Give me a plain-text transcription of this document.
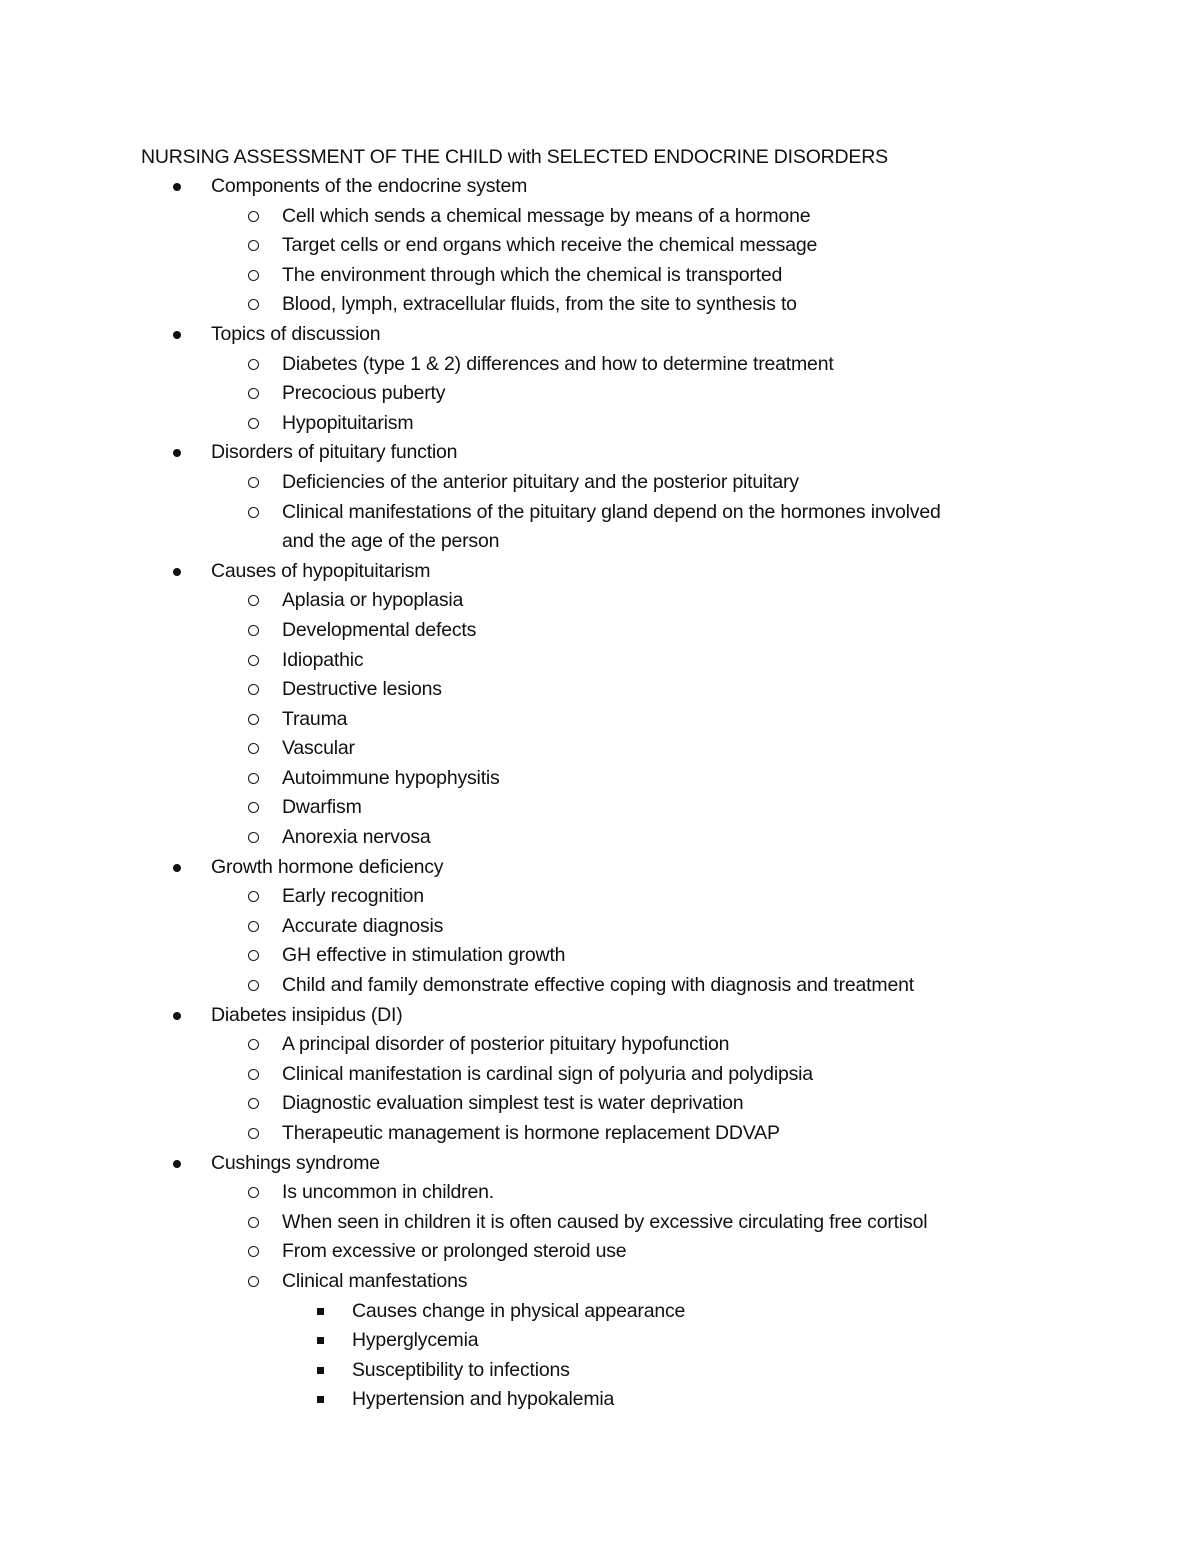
NURSING ASSESSMENT OF THE CHILD with SELECTED ENDOCRINE DISORDERS
Components of the endocrine system
Cell which sends a chemical message by means of a hormone
Target cells or end organs which receive the chemical message
The environment through which the chemical is transported
Blood, lymph, extracellular fluids, from the site to synthesis to
Topics of discussion
Diabetes (type 1 & 2) differences and how to determine treatment
Precocious puberty
Hypopituitarism
Disorders of pituitary function
Deficiencies of the anterior pituitary and the posterior pituitary
Clinical manifestations of the pituitary gland depend on the hormones involved
and the age of the person
Causes of hypopituitarism
Aplasia or hypoplasia
Developmental defects
Idiopathic
Destructive lesions
Trauma
Vascular
Autoimmune hypophysitis
Dwarfism
Anorexia nervosa
Growth hormone deficiency
Early recognition
Accurate diagnosis
GH effective in stimulation growth
Child and family demonstrate effective coping with diagnosis and treatment
Diabetes insipidus (DI)
A principal disorder of posterior pituitary hypofunction
Clinical manifestation is cardinal sign of polyuria and polydipsia
Diagnostic evaluation simplest test is water deprivation
Therapeutic management is hormone replacement DDVAP
Cushings syndrome
Is uncommon in children.
When seen in children it is often caused by excessive circulating free cortisol
From excessive or prolonged steroid use
Clinical manfestations
Causes change in physical appearance
Hyperglycemia
Susceptibility to infections
Hypertension and hypokalemia
